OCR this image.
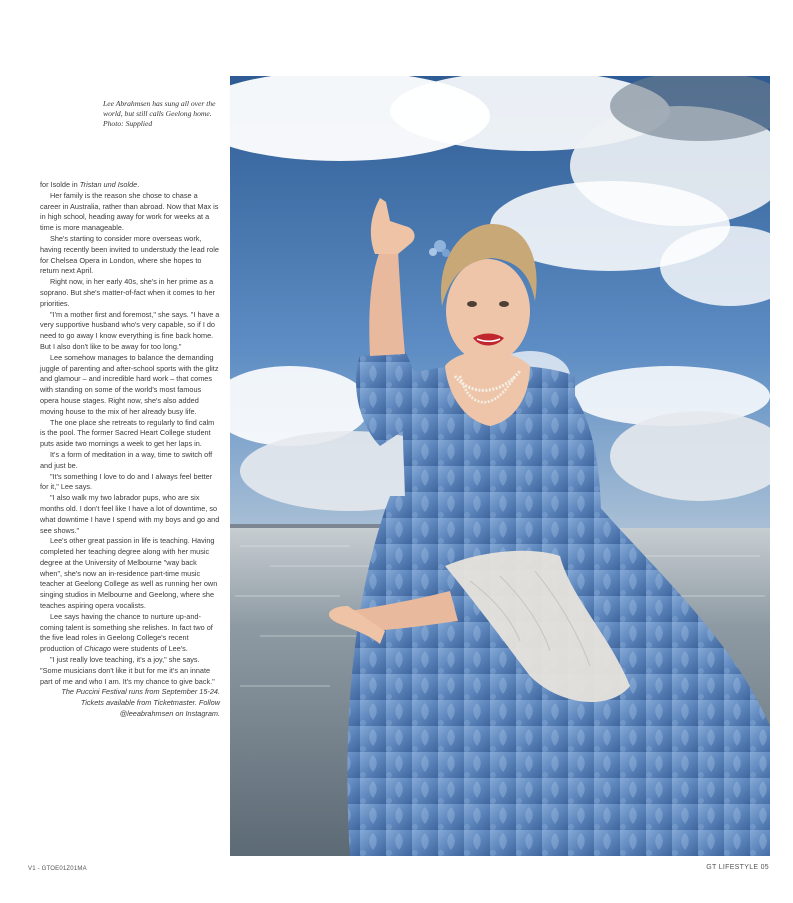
Lee Abrahmsen has sung all over the world, but still calls Geelong home. Photo: Supplied

for Isolde in Tristan und Isolde.

Her family is the reason she chose to chase a career in Australia, rather than abroad. Now that Max is in high school, heading away for work for weeks at a time is more manageable.

She's starting to consider more overseas work, having recently been invited to understudy the lead role for Chelsea Opera in London, where she hopes to return next April.

Right now, in her early 40s, she's in her prime as a soprano. But she's matter-of-fact when it comes to her priorities.

"I'm a mother first and foremost," she says. "I have a very supportive husband who's very capable, so if I do need to go away I know everything is fine back home. But I also don't like to be away for too long."

Lee somehow manages to balance the demanding juggle of parenting and after-school sports with the glitz and glamour – and incredible hard work – that comes with standing on some of the world's most famous opera house stages. Right now, she's also added moving house to the mix of her already busy life.

The one place she retreats to regularly to find calm is the pool. The former Sacred Heart College student puts aside two mornings a week to get her laps in.

It's a form of meditation in a way, time to switch off and just be.

"It's something I love to do and I always feel better for it," Lee says.

"I also walk my two labrador pups, who are six months old. I don't feel like I have a lot of downtime, so what downtime I have I spend with my boys and go and see shows."

Lee's other great passion in life is teaching. Having completed her teaching degree along with her music degree at the University of Melbourne "way back when", she's now an in-residence part-time music teacher at Geelong College as well as running her own singing studios in Melbourne and Geelong, where she teaches aspiring opera vocalists.

Lee says having the chance to nurture up-and-coming talent is something she relishes. In fact two of the five lead roles in Geelong College's recent production of Chicago were students of Lee's.

"I just really love teaching, it's a joy," she says. "Some musicians don't like it but for me it's an innate part of me and who I am. It's my chance to give back."

The Puccini Festival runs from September 15-24. Tickets available from Ticketmaster. Follow @leeabrahmsen on Instagram.

V1 - GTOE01Z01MA	GT LIFESTYLE 05
